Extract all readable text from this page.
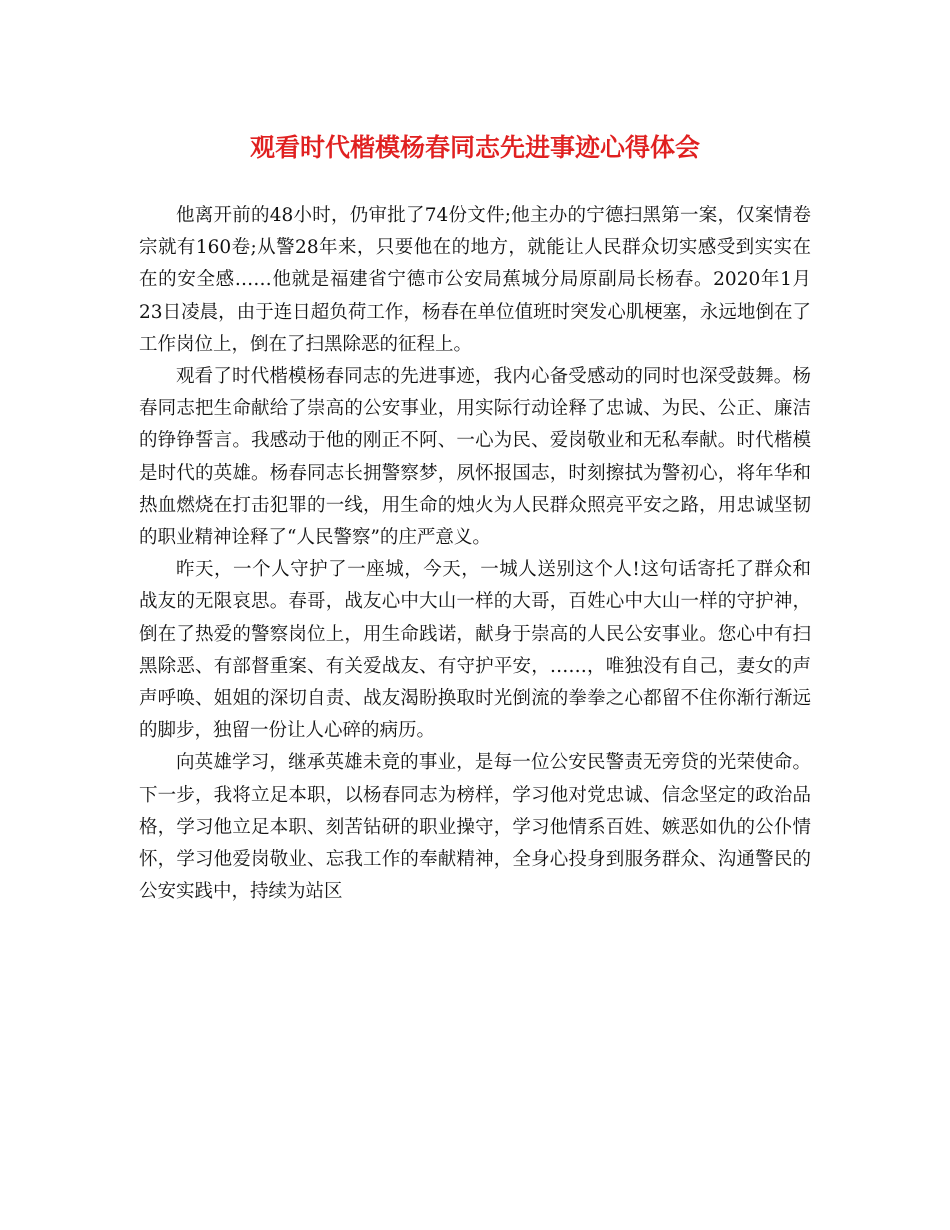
观看时代楷模杨春同志先进事迹心得体会

他离开前的48小时，仍审批了74份文件;他主办的宁德扫黑第一案，仅案情卷宗就有160卷;从警28年来，只要他在的地方，就能让人民群众切实感受到实实在在的安全感……他就是福建省宁德市公安局蕉城分局原副局长杨春。2020年1月23日凌晨，由于连日超负荷工作，杨春在单位值班时突发心肌梗塞，永远地倒在了工作岗位上，倒在了扫黑除恶的征程上。

观看了时代楷模杨春同志的先进事迹，我内心备受感动的同时也深受鼓舞。杨春同志把生命献给了崇高的公安事业，用实际行动诠释了忠诚、为民、公正、廉洁的铮铮誓言。我感动于他的刚正不阿、一心为民、爱岗敬业和无私奉献。时代楷模是时代的英雄。杨春同志长拥警察梦，夙怀报国志，时刻擦拭为警初心，将年华和热血燃烧在打击犯罪的一线，用生命的烛火为人民群众照亮平安之路，用忠诚坚韧的职业精神诠释了“人民警察”的庄严意义。

昨天，一个人守护了一座城，今天，一城人送别这个人!这句话寄托了群众和战友的无限哀思。春哥，战友心中大山一样的大哥，百姓心中大山一样的守护神，倒在了热爱的警察岗位上，用生命践诺，献身于崇高的人民公安事业。您心中有扫黑除恶、有部督重案、有关爱战友、有守护平安，……，唯独没有自己，妻女的声声呼唤、姐姐的深切自责、战友渴盼换取时光倒流的拳拳之心都留不住你渐行渐远的脚步，独留一份让人心碎的病历。

向英雄学习，继承英雄未竟的事业，是每一位公安民警责无旁贷的光荣使命。下一步，我将立足本职，以杨春同志为榜样，学习他对党忠诚、信念坚定的政治品格，学习他立足本职、刻苦钻研的职业操守，学习他情系百姓、嫉恶如仇的公仆情怀，学习他爱岗敬业、忘我工作的奉献精神，全身心投身到服务群众、沟通警民的公安实践中，持续为站区
